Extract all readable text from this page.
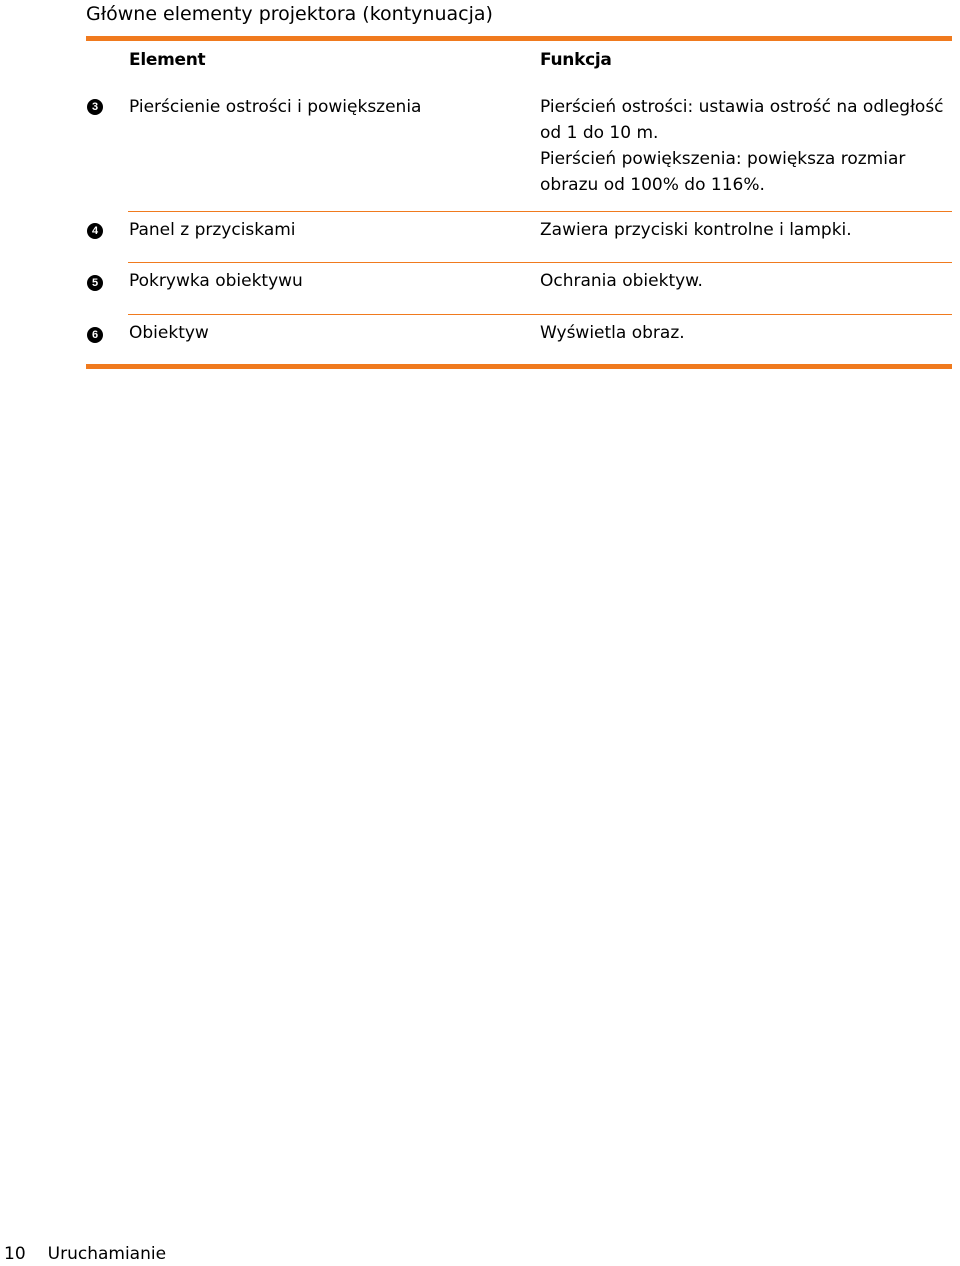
Główne elementy projektora (kontynuacja)
Element	Funkcja
3 Pierścienie ostrości i powiększenia	Pierścień ostrości: ustawia ostrość na odległość od 1 do 10 m.

Pierścień powiększenia: powiększa rozmiar obrazu od 100% do 116%.

4 Panel z przyciskami	Zawiera przyciski kontrolne i lampki.

5 Pokrywka obiektywu	Ochrania obiektyw.

6 Obiektyw	Wyświetla obraz.

10 Uruchamianie
